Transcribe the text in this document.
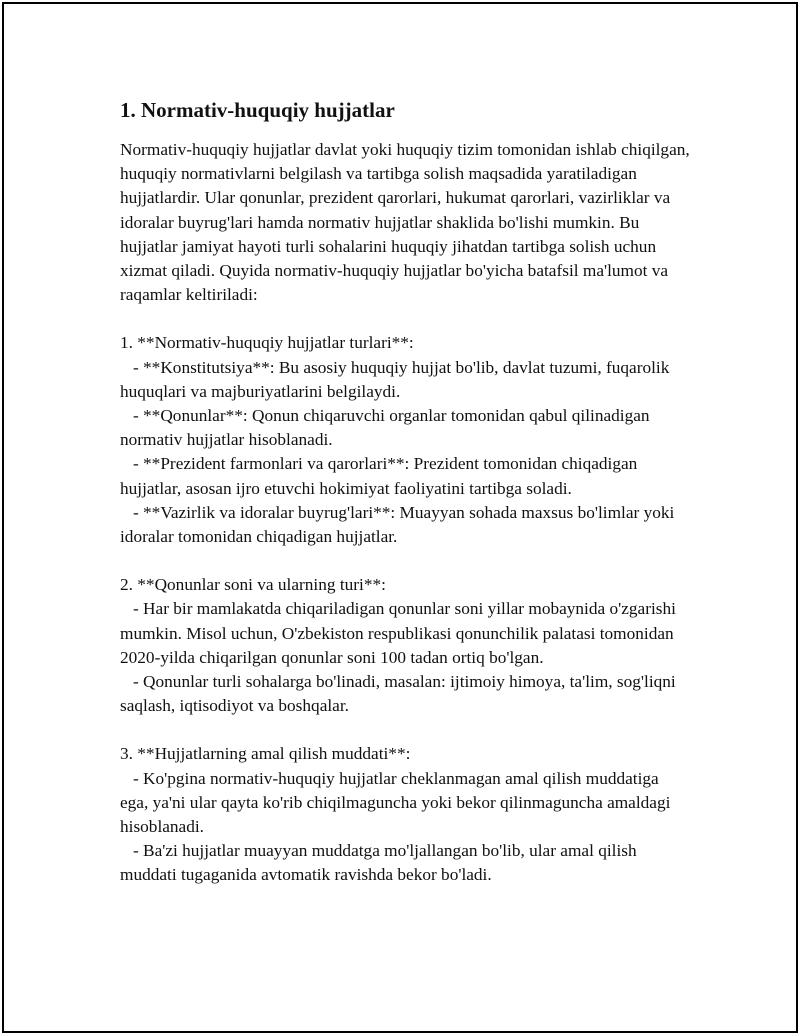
1. Normativ-huquqiy hujjatlar

Normativ-huquqiy hujjatlar davlat yoki huquqiy tizim tomonidan ishlab chiqilgan, huquqiy normativlarni belgilash va tartibga solish maqsadida yaratiladigan hujjatlardir. Ular qonunlar, prezident qarorlari, hukumat qarorlari, vazirliklar va idoralar buyrug'lari hamda normativ hujjatlar shaklida bo'lishi mumkin. Bu hujjatlar jamiyat hayoti turli sohalarini huquqiy jihatdan tartibga solish uchun xizmat qiladi. Quyida normativ-huquqiy hujjatlar bo'yicha batafsil ma'lumot va raqamlar keltiriladi:

1. **Normativ-huquqiy hujjatlar turlari**:
- **Konstitutsiya**: Bu asosiy huquqiy hujjat bo'lib, davlat tuzumi, fuqarolik huquqlari va majburiyatlarini belgilaydi.
- **Qonunlar**: Qonun chiqaruvchi organlar tomonidan qabul qilinadigan normativ hujjatlar hisoblanadi.
- **Prezident farmonlari va qarorlari**: Prezident tomonidan chiqadigan hujjatlar, asosan ijro etuvchi hokimiyat faoliyatini tartibga soladi.
- **Vazirlik va idoralar buyrug'lari**: Muayyan sohada maxsus bo'limlar yoki idoralar tomonidan chiqadigan hujjatlar.

2. **Qonunlar soni va ularning turi**:
- Har bir mamlakatda chiqariladigan qonunlar soni yillar mobaynida o'zgarishi mumkin. Misol uchun, O'zbekiston respublikasi qonunchilik palatasi tomonidan 2020-yilda chiqarilgan qonunlar soni 100 tadan ortiq bo'lgan.
- Qonunlar turli sohalarga bo'linadi, masalan: ijtimoiy himoya, ta'lim, sog'liqni saqlash, iqtisodiyot va boshqalar.

3. **Hujjatlarning amal qilish muddati**:
- Ko'pgina normativ-huquqiy hujjatlar cheklanmagan amal qilish muddatiga ega, ya'ni ular qayta ko'rib chiqilmaguncha yoki bekor qilinmaguncha amaldagi hisoblanadi.
- Ba'zi hujjatlar muayyan muddatga mo'ljallangan bo'lib, ular amal qilish muddati tugaganida avtomatik ravishda bekor bo'ladi.
